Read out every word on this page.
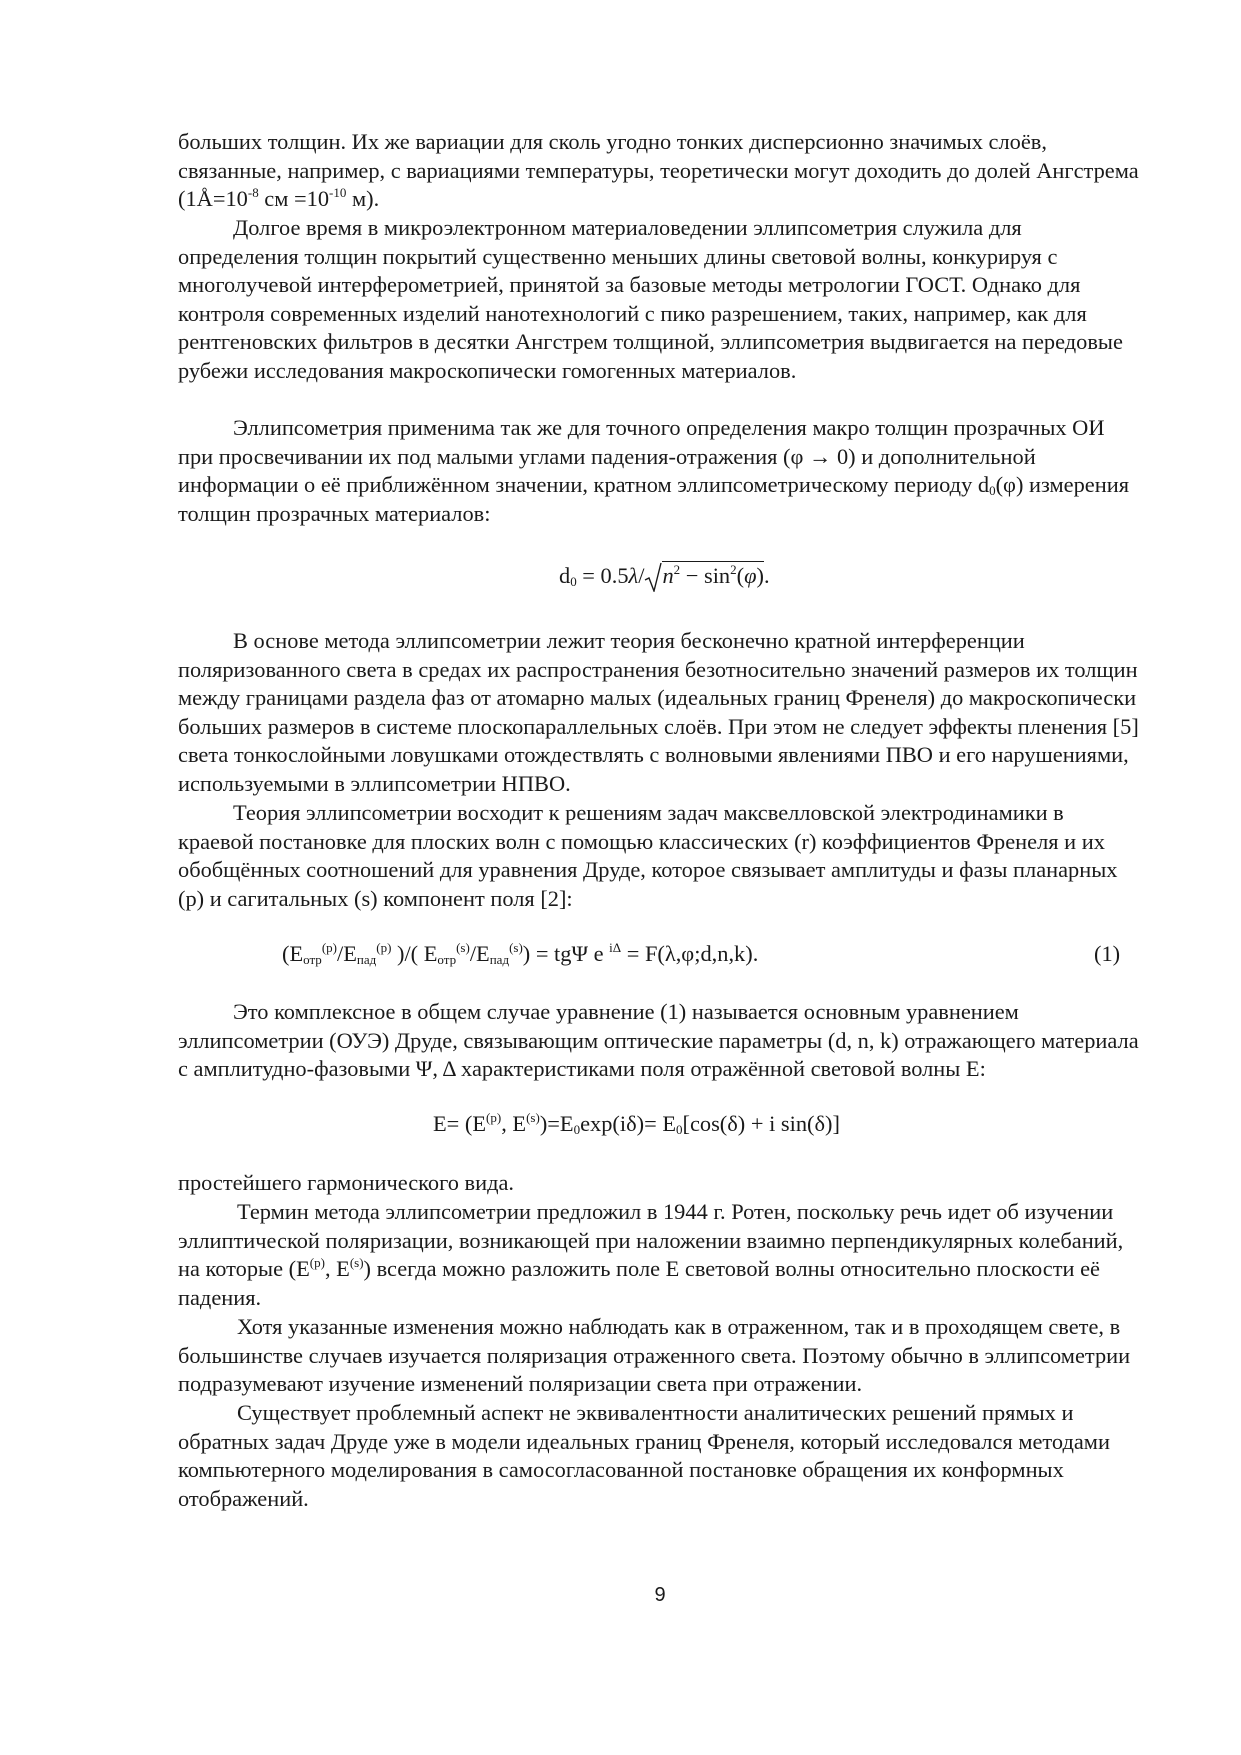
больших толщин. Их же вариации для сколь угодно тонких дисперсионно значимых слоёв, связанные, например, с вариациями температуры, теоретически могут доходить до долей Ангстрема ($1Å=10^{-8}$ см $=10^{-10}$ м).

Долгое время в микроэлектронном материаловедении эллипсометрия служила для определения толщин покрытий существенно меньших длины световой волны, конкурируя с многолучевой интерферометрией, принятой за базовые методы метрологии ГОСТ. Однако для контроля современных изделий нанотехнологий с пико разрешением, таких, например, как для рентгеновских фильтров в десятки Ангстрем толщиной, эллипсометрия выдвигается на передовые рубежи исследования макроскопически гомогенных материалов.

Эллипсометрия применима так же для точного определения макро толщин прозрачных ОИ при просвечивании их под малыми углами падения-отражения (φ → 0) и дополнительной информации о её приближённом значении, кратном эллипсометрическому периоду $d_0(\varphi)$ измерения толщин прозрачных материалов:

$d_0 = 0.5\lambda/$ $n^2 - \sin^2(\varphi)$.

В основе метода эллипсометрии лежит теория бесконечно кратной интерференции поляризованного света в средах их распространения безотносительно значений размеров их толщин между границами раздела фаз от атомарно малых (идеальных границ Френеля) до макроскопически больших размеров в системе плоскопараллельных слоёв. При этом не следует эффекты пленения [5] света тонкослойными ловушками отождествлять с волновыми явлениями ПВО и его нарушениями, используемыми в эллипсометрии НПВО.

Теория эллипсометрии восходит к решениям задач максвелловской электродинамики в краевой постановке для плоских волн с помощью классических (r) коэффициентов Френеля и их обобщённых соотношений для уравнения Друде, которое связывает амплитуды и фазы планарных (p) и сагитальных (s) компонент поля [2]:

($E_{отр}^{(p)}/E_{пад}^{(p)}$ )/( $E_{отр}^{(s)}/E_{пад}^{(s)}) = tg\Psi$ e $^{i\Delta}$ = F(λ,φ;d,n,k).	(1)

Это комплексное в общем случае уравнение (1) называется основным уравнением эллипсометрии (ОУЭ) Друде, связывающим оптические параметры (d, n, k) отражающего материала с амплитудно-фазовыми Ψ, Δ характеристиками поля отражённой световой волны E:

$E= (E^{(p)}$, $E^{(s)})=E_0\exp(i\delta)= E_0[\cos(\delta) + i$ sin(δ)]

простейшего гармонического вида.

Термин метода эллипсометрии предложил в 1944 г. Ротен, поскольку речь идет об изучении эллиптической поляризации, возникающей при наложении взаимно перпендикулярных колебаний, на которые ($E^{(p)}$, $E^{(s)}$) всегда можно разложить поле E световой волны относительно плоскости её падения.

Хотя указанные изменения можно наблюдать как в отраженном, так и в проходящем свете, в большинстве случаев изучается поляризация отраженного света. Поэтому обычно в эллипсометрии подразумевают изучение изменений поляризации света при отражении.

Существует проблемный аспект не эквивалентности аналитических решений прямых и обратных задач Друде уже в модели идеальных границ Френеля, который исследовался методами компьютерного моделирования в самосогласованной постановке обращения их конформных отображений.

9
